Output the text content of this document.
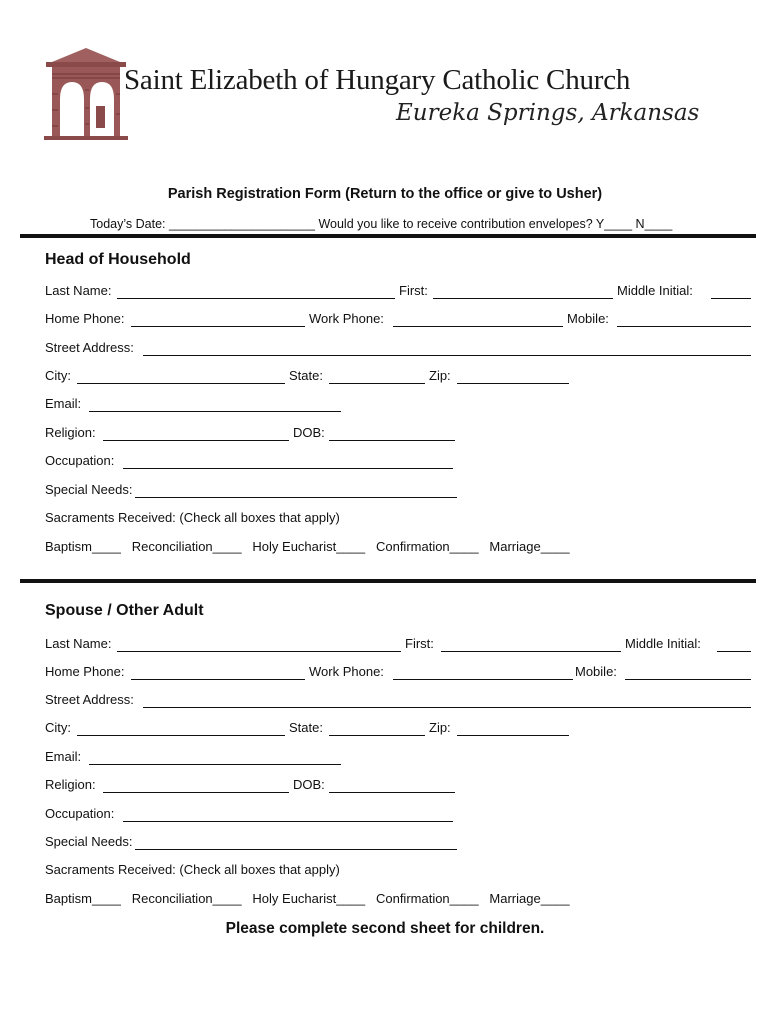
Saint Elizabeth of Hungary Catholic Church
Eureka Springs, Arkansas
Parish Registration Form (Return to the office or give to Usher)
Today’s Date: _____________________ Would you like to receive contribution envelopes? Y____ N____
Head of Household
Last Name:	First:	Middle Initial:
Home Phone:	Work Phone:	Mobile:
Street Address:
City:	State:	Zip:
Email:
Religion:	DOB:
Occupation:
Special Needs:
Sacraments Received: (Check all boxes that apply)
Baptism____   Reconciliation____   Holy Eucharist____   Confirmation____   Marriage____
Spouse / Other Adult
Last Name:	First:	Middle Initial:
Home Phone:	Work Phone:	Mobile:
Street Address:
City:	State:	Zip:
Email:
Religion:	DOB:
Occupation:
Special Needs:
Sacraments Received: (Check all boxes that apply)
Baptism____   Reconciliation____   Holy Eucharist____   Confirmation____   Marriage____
Please complete second sheet for children.
